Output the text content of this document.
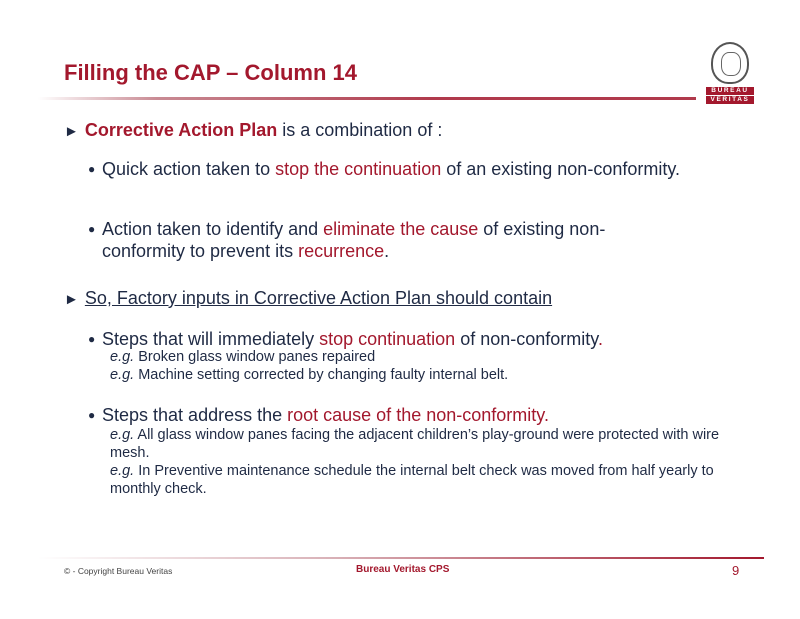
Filling the CAP – Column 14
BUREAU
VERITAS
► Corrective Action Plan is a combination of :
● Quick action taken to stop the continuation of an existing non-conformity.
● Action taken to identify and eliminate the cause of existing non-conformity to prevent its recurrence.
► So, Factory inputs in Corrective Action Plan should contain
● Steps that will immediately stop continuation of non-conformity.
e.g. Broken glass window panes repaired
e.g. Machine setting corrected by changing faulty internal belt.
● Steps that address the root cause of the non-conformity.
e.g. All glass window panes facing the adjacent children’s play-ground were protected with wire mesh.
e.g. In Preventive maintenance schedule the internal belt check was moved from half yearly to monthly check.
© - Copyright Bureau Veritas	Bureau Veritas CPS	9
